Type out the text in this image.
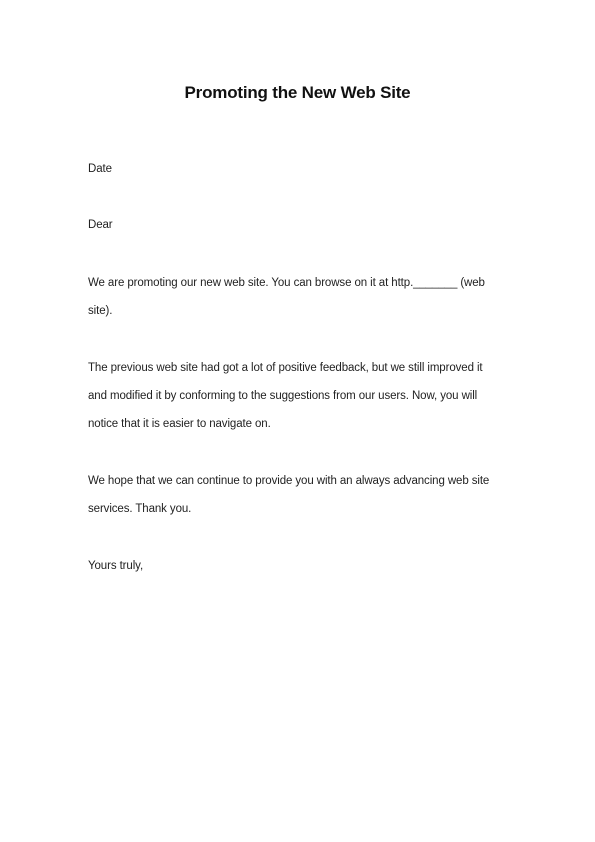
Promoting the New Web Site
Date
Dear
We are promoting our new web site. You can browse on it at http._______ (web
site).
The previous web site had got a lot of positive feedback, but we still improved it
and modified it by conforming to the suggestions from our users. Now, you will
notice that it is easier to navigate on.
We hope that we can continue to provide you with an always advancing web site
services. Thank you.
Yours truly,
